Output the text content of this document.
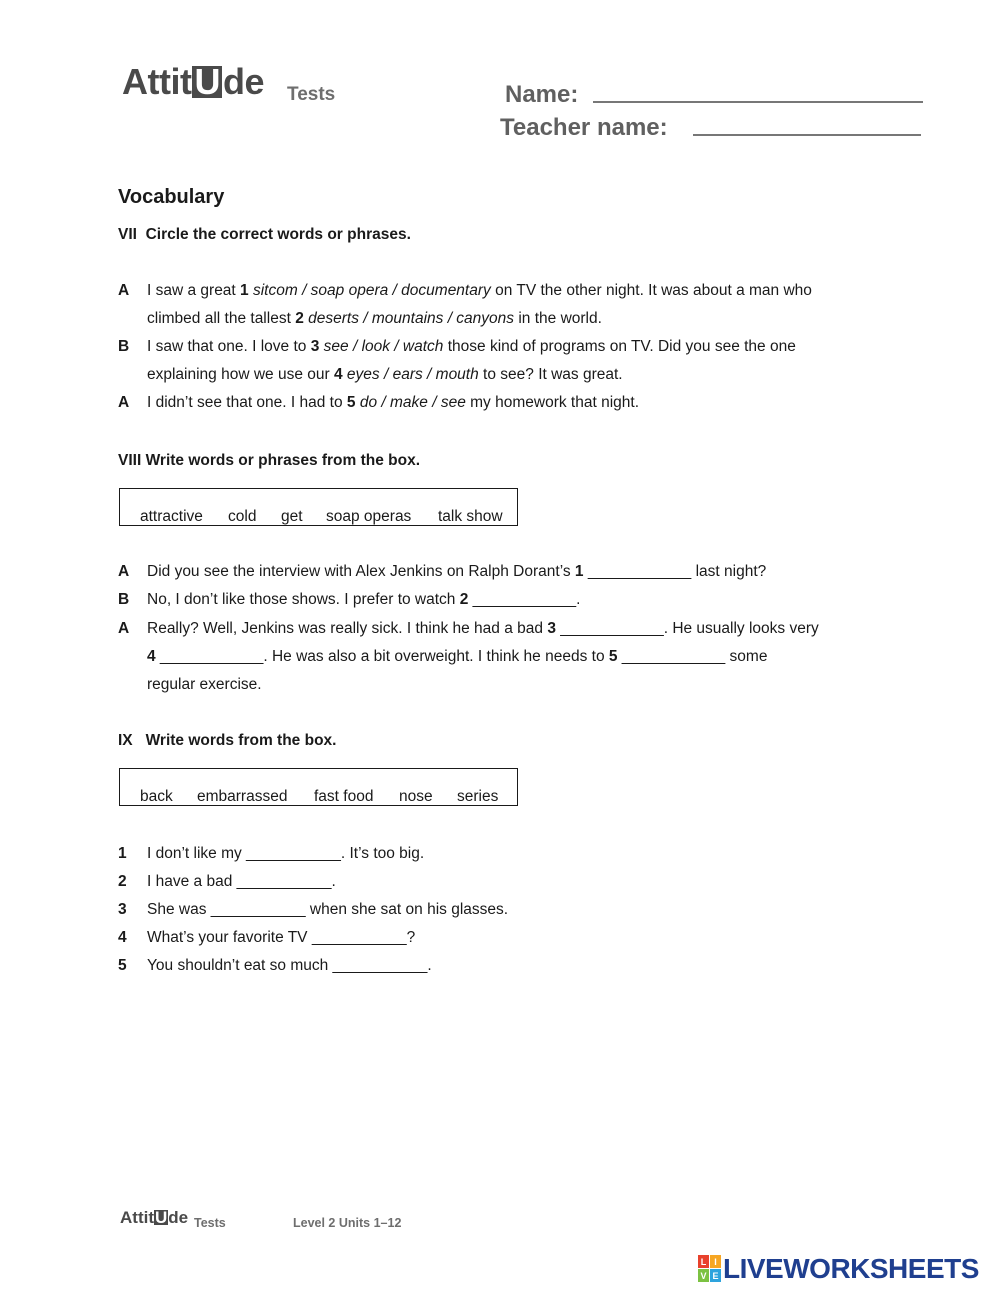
AttitUde Tests	Name:
Teacher name:
Vocabulary
VII Circle the correct words or phrases.
A I saw a great 1 sitcom / soap opera / documentary on TV the other night. It was about a man who
climbed all the tallest 2 deserts / mountains / canyons in the world.
B I saw that one. I love to 3 see / look / watch those kind of programs on TV. Did you see the one
explaining how we use our 4 eyes / ears / mouth to see? It was great.
A I didn’t see that one. I had to 5 do / make / see my homework that night.
VIII Write words or phrases from the box.
attractive cold get soap operas talk show
A Did you see the interview with Alex Jenkins on Ralph Dorant’s 1 ____________ last night?
B No, I don’t like those shows. I prefer to watch 2 ____________.
A Really? Well, Jenkins was really sick. I think he had a bad 3 ____________. He usually looks very
4 ____________. He was also a bit overweight. I think he needs to 5 ____________ some
regular exercise.
IX Write words from the box.
back embarrassed fast food nose series
1 I don’t like my ___________. It’s too big.
2 I have a bad ___________.
3 She was ___________ when she sat on his glasses.
4 What’s your favorite TV ___________?
5 You shouldn’t eat so much ___________.
AttitUde Tests	Level 2 Units 1–12
L I
V E LIVEWORKSHEETS
